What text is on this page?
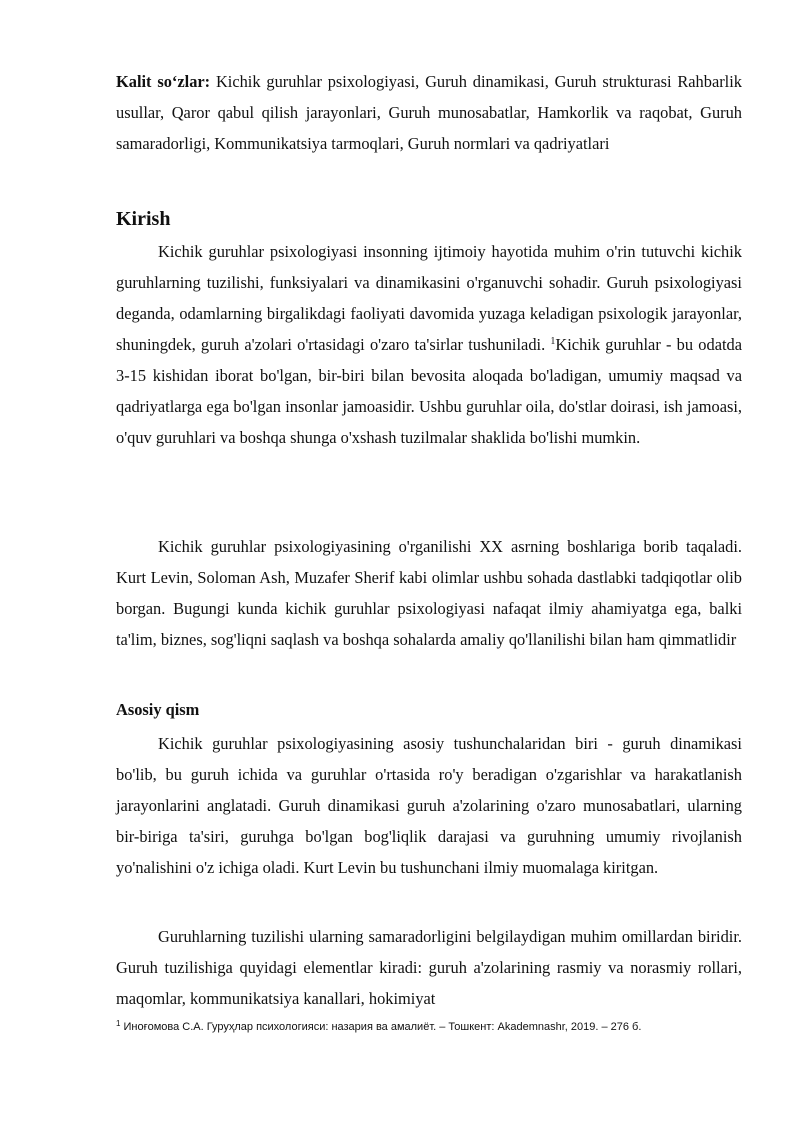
Kalit so‘zlar: Kichik guruhlar psixologiyasi, Guruh dinamikasi, Guruh strukturasi Rahbarlik usullar, Qaror qabul qilish jarayonlari, Guruh munosabatlar, Hamkorlik va raqobat, Guruh samaradorligi, Kommunikatsiya tarmoqlari, Guruh normlari va qadriyatlari

Kirish

Kichik guruhlar psixologiyasi insonning ijtimoiy hayotida muhim o'rin tutuvchi kichik guruhlarning tuzilishi, funksiyalari va dinamikasini o'rganuvchi sohadir. Guruh psixologiyasi deganda, odamlarning birgalikdagi faoliyati davomida yuzaga keladigan psixologik jarayonlar, shuningdek, guruh a'zolari o'rtasidagi o'zaro ta'sirlar tushuniladi. $^1$Kichik guruhlar - bu odatda 3-15 kishidan iborat bo'lgan, bir-biri bilan bevosita aloqada bo'ladigan, umumiy maqsad va qadriyatlarga ega bo'lgan insonlar jamoasidir. Ushbu guruhlar oila, do'stlar doirasi, ish jamoasi, o'quv guruhlari va boshqa shunga o'xshash tuzilmalar shaklida bo'lishi mumkin.

Kichik guruhlar psixologiyasining o'rganilishi XX asrning boshlariga borib taqaladi. Kurt Levin, Soloman Ash, Muzafer Sherif kabi olimlar ushbu sohada dastlabki tadqiqotlar olib borgan. Bugungi kunda kichik guruhlar psixologiyasi nafaqat ilmiy ahamiyatga ega, balki ta'lim, biznes, sog'liqni saqlash va boshqa sohalarda amaliy qo'llanilishi bilan ham qimmatlidir

Asosiy qism

Kichik guruhlar psixologiyasining asosiy tushunchalaridan biri - guruh dinamikasi bo'lib, bu guruh ichida va guruhlar o'rtasida ro'y beradigan o'zgarishlar va harakatlanish jarayonlarini anglatadi. Guruh dinamikasi guruh a'zolarining o'zaro munosabatlari, ularning bir-biriga ta'siri, guruhga bo'lgan bog'liqlik darajasi va guruhning umumiy rivojlanish yo'nalishini o'z ichiga oladi. Kurt Levin bu tushunchani ilmiy muomalaga kiritgan.

Guruhlarning tuzilishi ularning samaradorligini belgilaydigan muhim omillardan biridir. Guruh tuzilishiga quyidagi elementlar kiradi: guruh a'zolarining rasmiy va norasmiy rollari, maqomlar, kommunikatsiya kanallari, hokimiyat

$^1$ Иноғомова С.А. Гуруҳлар психологияси: назария ва амалиёт. – Тошкент: Akademnashr, 2019. – 276 б.
